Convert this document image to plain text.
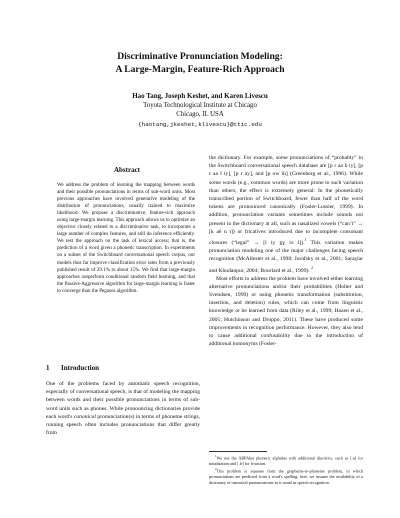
Discriminative Pronunciation Modeling:
A Large-Margin, Feature-Rich Approach
Hao Tang, Joseph Keshet, and Karen Livescu
Toyota Technological Institute at Chicago
Chicago, IL USA
{haotang,jkeshet,klivescu}@ttic.edu
Abstract

We address the problem of learning the mapping between words and their possible pronunciations in terms of sub-word units. Most previous approaches have involved generative modeling of the distribution of pronunciations, usually trained to maximize likelihood. We propose a discriminative, feature-rich approach using large-margin learning. This approach allows us to optimize an objective closely related to a discriminative task, to incorporate a large number of complex features, and still do inference efficiently. We test the approach on the task of lexical access; that is, the prediction of a word given a phonetic transcription. In experiments on a subset of the Switchboard conversational speech corpus, our models thus far improve classification error rates from a previously published result of 29.1% to about 15%. We find that large-margin approaches outperform conditional random field learning, and that the Passive-Aggressive algorithm for large-margin learning is faster to converge than the Pegasos algorithm.

1 Introduction

One of the problems faced by automatic speech recognition, especially of conversational speech, is that of modeling the mapping between words and their possible pronunciations in terms of sub-word units such as phones. While pronouncing dictionaries provide each word's canonical pronunciation(s) in terms of phoneme strings, running speech often includes pronunciations that differ greatly from

the dictionary. For example, some pronunciations of “probably” in the Switchboard conversational speech database are [p r aa b iy], [p r aa l iy], [p r ay], and [p ow ih] (Greenberg et al., 1996). While some words (e.g., common words) are more prone to such variation than others, the effect is extremely general: In the phonetically transcribed portion of Switchboard, fewer than half of the word tokens are pronounced canonically (Fosler-Lussier, 1999). In addition, pronunciation variants sometimes include sounds not present in the dictionary at all, such as nasalized vowels (“can’t” → [k aẽ n t]) or fricatives introduced due to incomplete consonant closures (“legal” → [l iy gɣ ix l]).$^1$ This variation makes pronunciation modeling one of the major challenges facing speech recognition (McAllester et al., 1998; Jurafsky et al., 2001; Saraçlar and Khudanpur, 2004; Bourlard et al., 1999). $^2$

Most efforts to address the problem have involved either learning alternative pronunciations and/or their probabilities (Holter and Svendsen, 1999) or using phonetic transformation (substitution, insertion, and deletion) rules, which can come from linguistic knowledge or be learned from data (Riley et al., 1999; Hazen et al., 2005; Hutchinson and Droppo, 2011). These have produced some improvements in recognition performance. However, they also tend to cause additional confusability due to the introduction of additional homonyms (Fosler-

$^1$We use the ARPAbet phonetic alphabet with additional diacritics, such as [.n] for nasalization and [.fr] for frication.

$^2$This problem is separate from the grapheme-to-phoneme problem, in which pronunciations are predicted from a word's spelling; here, we assume the availability of a dictionary of canonical pronunciations as is usual in speech recognition.
